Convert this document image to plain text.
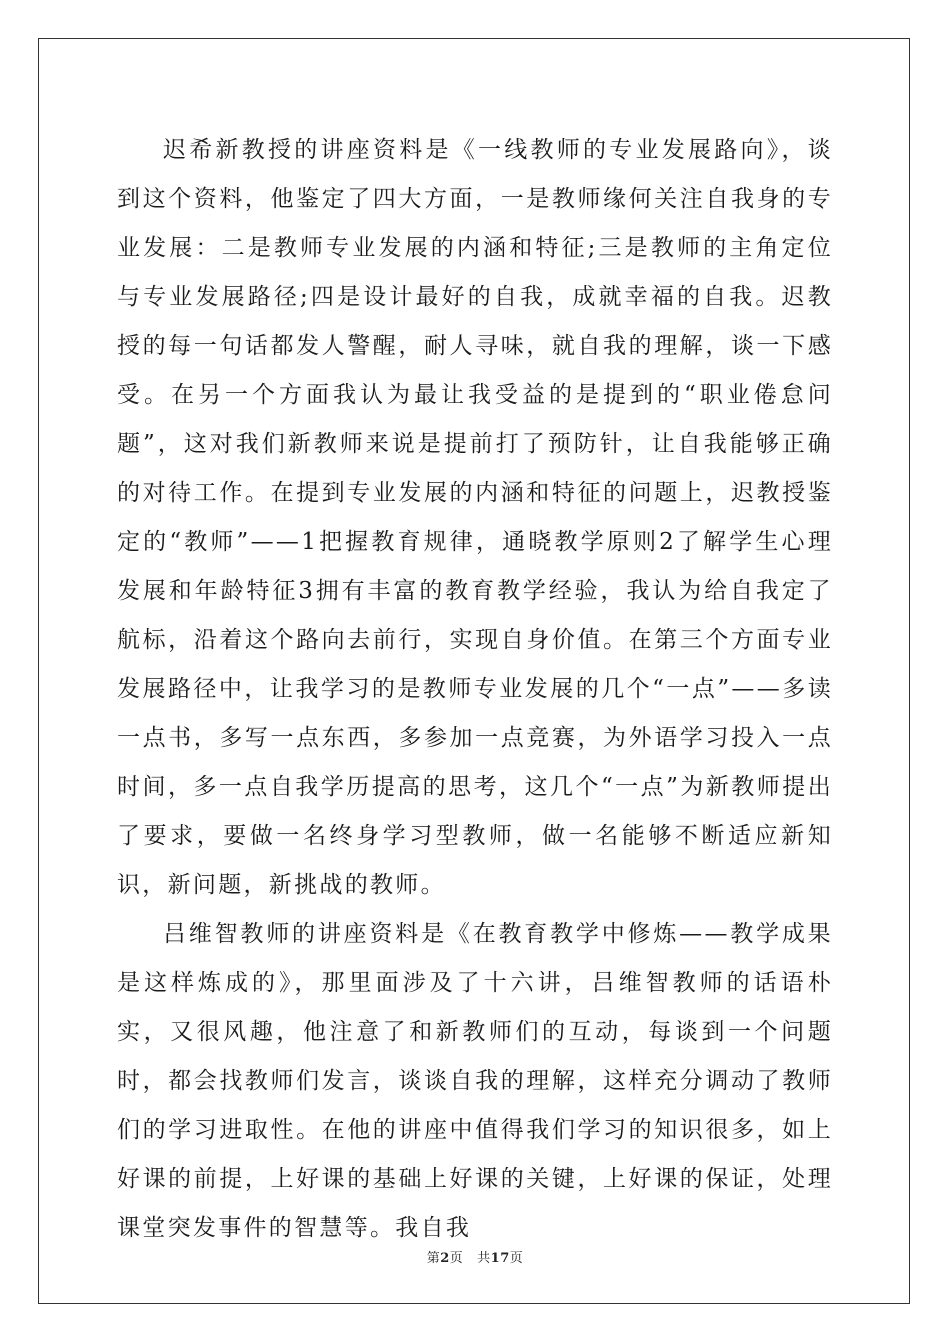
迟希新教授的讲座资料是《一线教师的专业发展路向》，谈到这个资料，他鉴定了四大方面，一是教师缘何关注自我身的专业发展：二是教师专业发展的内涵和特征;三是教师的主角定位与专业发展路径;四是设计最好的自我，成就幸福的自我。迟教授的每一句话都发人警醒，耐人寻味，就自我的理解，谈一下感受。在另一个方面我认为最让我受益的是提到的“职业倦怠问题”，这对我们新教师来说是提前打了预防针，让自我能够正确的对待工作。在提到专业发展的内涵和特征的问题上，迟教授鉴定的“教师”——1把握教育规律，通晓教学原则2了解学生心理发展和年龄特征3拥有丰富的教育教学经验，我认为给自我定了航标，沿着这个路向去前行，实现自身价值。在第三个方面专业发展路径中，让我学习的是教师专业发展的几个“一点”——多读一点书，多写一点东西，多参加一点竞赛，为外语学习投入一点时间，多一点自我学历提高的思考，这几个“一点”为新教师提出了要求，要做一名终身学习型教师，做一名能够不断适应新知识，新问题，新挑战的教师。

吕维智教师的讲座资料是《在教育教学中修炼——教学成果是这样炼成的》，那里面涉及了十六讲，吕维智教师的话语朴实，又很风趣，他注意了和新教师们的互动，每谈到一个问题时，都会找教师们发言，谈谈自我的理解，这样充分调动了教师们的学习进取性。在他的讲座中值得我们学习的知识很多，如上好课的前提，上好课的基础上好课的关键，上好课的保证，处理课堂突发事件的智慧等。我自我

第2页   共17页
